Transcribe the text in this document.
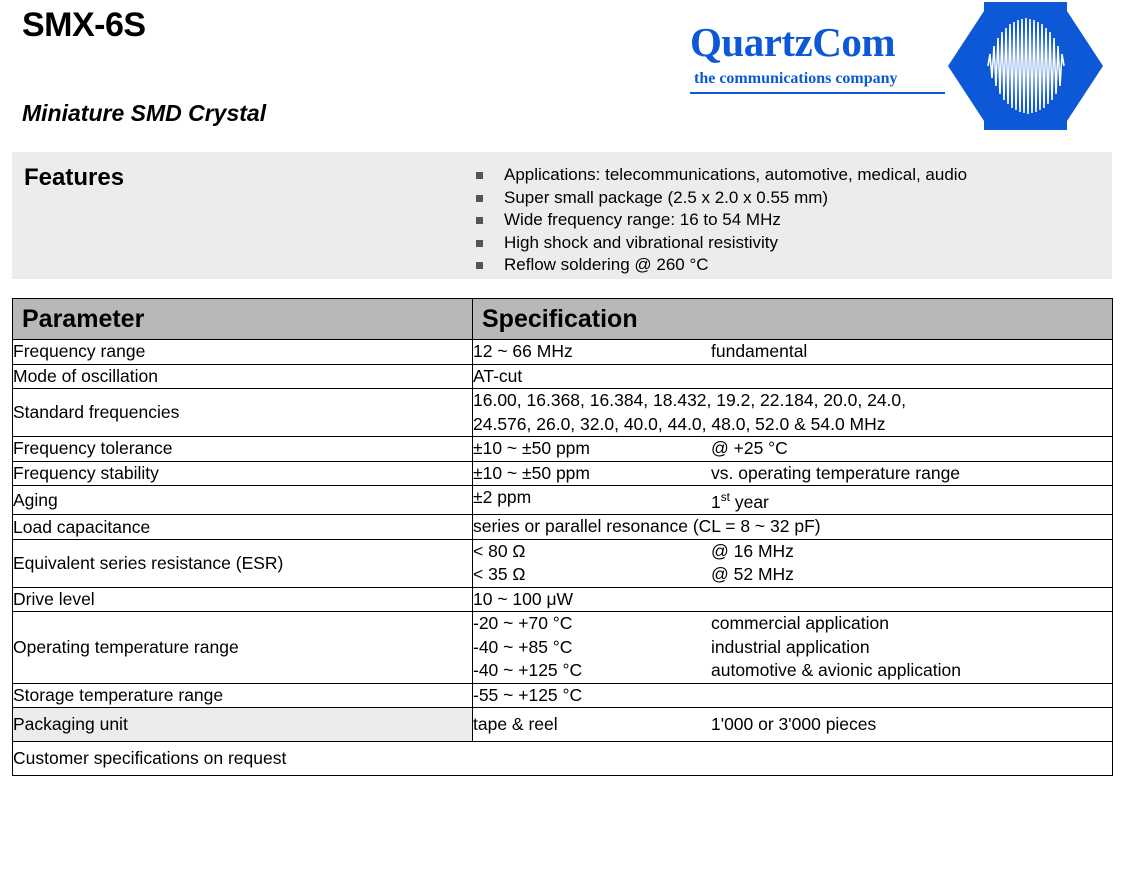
SMX-6S
Miniature SMD Crystal
QuartzCom
the communications company
Features	Applications: telecommunications, automotive, medical, audio
Super small package (2.5 x 2.0 x 0.55 mm)
Wide frequency range: 16 to 54 MHz
High shock and vibrational resistivity
Reflow soldering @ 260 °C
Parameter	Specification
Frequency range	12 ~ 66 MHz fundamental

Mode of oscillation	AT-cut

Standard frequencies	16.00, 16.368, 16.384, 18.432, 19.2, 22.184, 20.0, 24.0,
24.576, 26.0, 32.0, 40.0, 44.0, 48.0, 52.0 & 54.0 MHz

Frequency tolerance	±10 ~ ±50 ppm @ +25 °C

Frequency stability	±10 ~ ±50 ppm vs. operating temperature range

Aging	±2 ppm 1st year

Load capacitance	series or parallel resonance (CL = 8 ~ 32 pF)

Equivalent series resistance (ESR)	< 80 Ω @ 16 MHz
< 35 Ω @ 52 MHz

Drive level	10 ~ 100 μW

Operating temperature range	
-20 ~ +70 °C	commercial application
-40 ~ +85 °C	industrial application
-40 ~ +125 °C	automotive & avionic application

Storage temperature range	-55 ~ +125 °C

Packaging unit	tape & reel 1'000 or 3'000 pieces

Customer specifications on request	
